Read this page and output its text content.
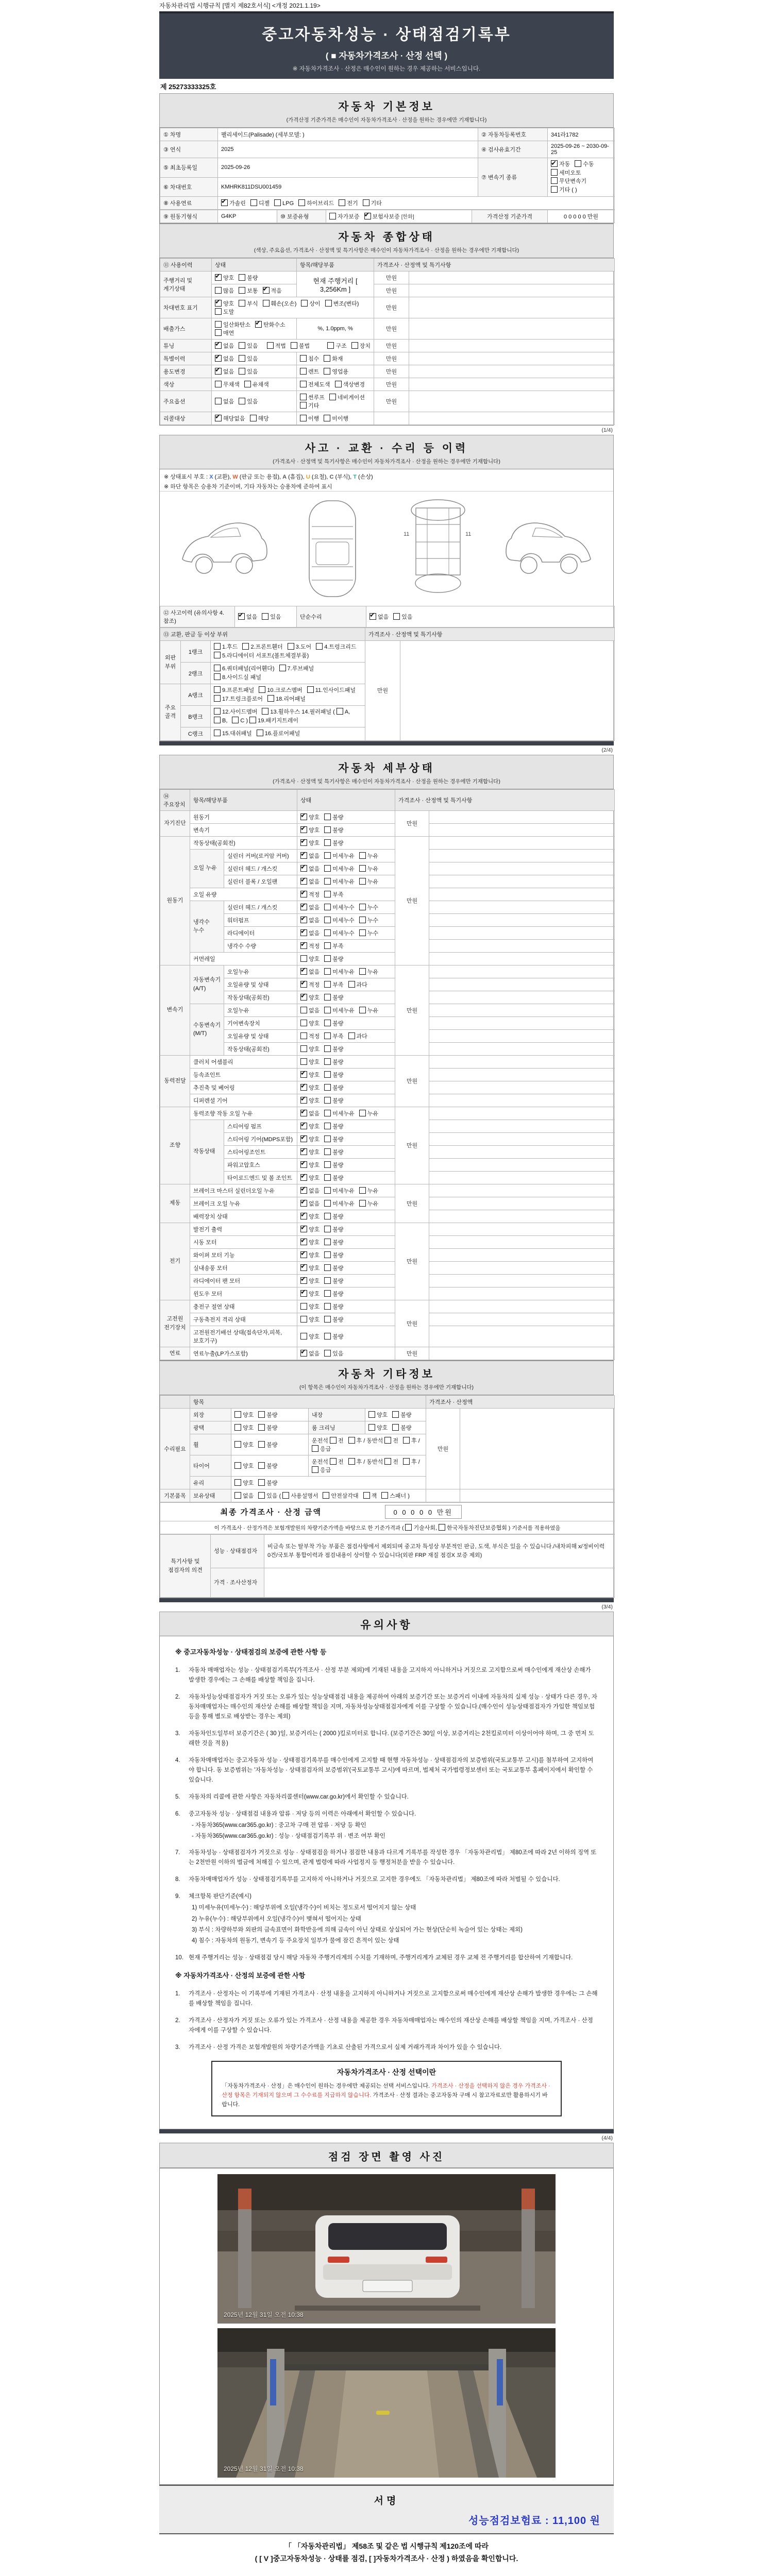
자동차관리법 시행규칙 [별지 제82호서식] <개정 2021.1.19>
중고자동차성능 · 상태점검기록부
( ■ 자동차가격조사 · 산정 선택 )
※ 자동차가격조사 · 산정은 매수인이 원하는 경우 제공하는 서비스입니다.
제 25273333325호
자동차 기본정보
(가격산정 기준가격은 매수인이 자동차가격조사 · 산정을 원하는 경우에만 기재합니다)
① 차명	팰리세이드(Palisade) (세부모델: )	② 자동차등록번호	341라1782
③ 연식	2025	④ 검사유효기간	2025-09-26 ~ 2030-09-25
⑤ 최초등록일	2025-09-26	⑦ 변속기 종류	✔자동 수동세미오토
무단변속기기타 ( )
⑥ 차대번호	KMHRK811DSU001459		
⑧ 사용연료	✔가솔린 디젤 LPG 하이브리드 전기 기타
⑨ 원동기형식	G4KP	⑩ 보증유형	자가보증 ✔ 보험사보증 [한화]	가격산정 기준가격	0 0 0 0 0 만원
자동차 종합상태
(색상, 주요옵션, 가격조사 · 산정액 및 특기사항은 매수인이 자동차가격조사 · 산정을 원하는 경우에만 기재합니다)
⑪ 사용이력	상태	항목/해당부품	가격조사 · 산정액 및 특기사항	
주행거리 및 계기상태	✔양호 불량	현재 주행거리 [ 3,256Km ]	만원	
	많음 보통 ✔ 적음		만원	
차대번호 표기	✔양호 부식 훼손(오손) 상이 변조(변타)도말		만원	
배출가스	일산화탄소 ✔ 탄화수소매연	%, 1.0ppm, %	만원	
튜닝	✔없음 있음 적법 불법 구조 장치		만원	
특별이력	✔없음 있음	침수 화재	만원	
용도변경	✔없음 있음	렌트 영업용	만원	
색상	무채색 유채색	전체도색 색상변경	만원	
주요옵션	없음 있음	썬루프 네비게이션기타	만원	
리콜대상	✔해당없음 해당	이행 미이행		
(1/4)
사고 · 교환 · 수리 등 이력
(가격조사 · 산정액 및 특기사항은 매수인이 자동차가격조사 · 산정을 원하는 경우에만 기재합니다)
※ 상태표시 부호 : X (교환), W (판금 또는 용접), A (흠집), U (요철), C (부식), T (손상)
※ 하단 항목은 승용차 기준이며, 기타 자동차는 승용차에 준하여 표시
11	11
⑫ 사고이력 (유의사항 4.참조)	✔없음 있음	단순수리	✔없음 있음
⑬ 교환, 판금 등 이상 부위			가격조사 · 산정액 및 특기사항	
외판 부위	1랭크	1.후드 2.프론트휀더 3.도어 4.트렁크리드5.라디에이터 서포트(볼트체결부품)	만원	
	2랭크	6.쿼터패널(리어휀다) 7.루브패널8.사이드실 패널		
주요 골격	A랭크	9.프론트패널 10.크로스멤버 11.인사이드패널17.트렁크플로어 18.리어패널		
	B랭크	12.사이드멤버 13.휠하우스 14.필러패널 ( A,B, C ) 19.패키지트레이		
	C랭크	15.대쉬패널 16.플로어패널		
(2/4)
자동차 세부상태
(가격조사 · 산정액 및 특기사항은 매수인이 자동차가격조사 · 산정을 원하는 경우에만 기재합니다)
⑭ 주요장치	항목/해당부품		상태	가격조사 · 산정액 및 특기사항	
자기진단	원동기	✔양호 불량	만원	
	변속기	✔양호 불량	
원동기	작동상태(공회전)	✔양호 불량	만원	
	오일 누유	실린더 커버(로커암 커버)	✔없음 미세누유 누유	
		실린더 헤드 / 개스킷	✔없음 미세누유 누유	
		실린더 블록 / 오일팬	✔없음 미세누유 누유	
	오일 유량	✔적정 부족	
	냉각수 누수	실린더 헤드 / 개스킷	✔없음 미세누수 누수	
		워터펌프	✔없음 미세누수 누수	
		라디에이터	✔없음 미세누수 누수	
		냉각수 수량	✔적정 부족	
	커먼레일		양호 불량		
변속기	자동변속기 (A/T)	오일누유	✔없음 미세누유 누유	만원	
		오일유량 및 상태	✔적정 부족 과다	
		작동상태(공회전)	✔양호 불량	
	수동변속기 (M/T)	오일누유	없음 미세누유 누유		
		기어변속장치	양호 불량		
		오일유량 및 상태	적정 부족 과다		
		작동상태(공회전)	양호 불량		
동력전달	클러치 어셈블리		양호 불량	만원	
	등속죠인트	✔양호 불량	
	추진축 및 베어링	✔양호 불량	
	디퍼렌셜 기어	✔양호 불량	
조향	동력조향 작동 오일 누유	✔없음 미세누유 누유	만원	
	작동상태	스티어링 펌프	✔양호 불량	
		스티어링 기어(MDPS포함)	✔양호 불량	
		스티어링조인트	✔양호 불량	
		파워고압호스	✔양호 불량	
		타이로드엔드 및 볼 조인트	✔양호 불량	
제동	브레이크 마스터 실린더오일 누유	✔없음 미세누유 누유	만원	
	브레이크 오일 누유	✔없음 미세누유 누유	
	배력장치 상태	✔양호 불량	
전기	발전기 출력	✔양호 불량	만원	
	시동 모터	✔양호 불량	
	와이퍼 모터 기능	✔양호 불량	
	실내송풍 모터	✔양호 불량	
	라디에이터 팬 모터	✔양호 불량	
	윈도우 모터	✔양호 불량	
고전원 전기장치	충전구 절연 상태		양호 불량	만원	
	구동축전지 격리 상태		양호 불량		
	고전원전기배선 상태(접속단자,피복,보호기구)		양호 불량		
연료	연료누출(LP가스포함)	✔없음 있음	만원	
자동차 기타정보
(이 항목은 매수인이 자동차가격조사 · 산정을 원하는 경우에만 기재합니다)
	항목				가격조사 · 산정액	
수리필요	외장	양호 불량	내장	양호 불량	만원	
	광택	양호 불량	룸 크리닝	양호 불량		
	휠	양호 불량	운전석 전 후 / 동반석 전 후 / 응급			
	타이어	양호 불량	운전석 전 후 / 동반석 전 후 / 응급			
	유리	양호 불량				
기본품목	보유상태	없음 있음 ( 사용설명서 안전삼각대 잭 스패너 )				
최종 가격조사 · 산정 금액	0 0 0 0 0 만원
이 가격조사 · 산정가격은 보험개발원의 차량기준가액을 바탕으로 한 기준가격과 ( 기술사회, 한국자동차진단보증협회 ) 기준서를 적용하였음
특기사항 및 점검자의 의견	성능 · 상태점검자	비금속 또는 탈부착 가능 부품은 점검사항에서 제외되며 중고차 특성상 부분적인 판금, 도색, 부식은 있을 수 있습니다./내차피해 x/정비이력 0건/국토부 통합이력과 점검내용이 상이할 수 있습니다(외판 FRP 재질 점검X 보증 제외)
	가격 · 조사산정자	
(3/4)
유의사항
※ 중고자동차성능 · 상태점검의 보증에 관한 사항 등
1.	자동차 매매업자는 성능 · 상태점검기록부(가격조사 · 산정 부분 제외)에 기재된 내용을 고지하지 아니하거나 거짓으로 고지함으로써 매수인에게 재산상 손해가 발생한 경우에는 그 손해를 배상할 책임을 집니다.
2.	자동차성능상태점검자가 거짓 또는 오류가 있는 성능상태점검 내용을 제공하여 아래의 보증기간 또는 보증거리 이내에 자동차의 실제 성능 · 상태가 다른 경우, 자동차매매업자는 매수인의 재산상 손해를 배상할 책임을 지며, 자동차성능상태점검자에게 이를 구상할 수 있습니다.(매수인이 성능상태점검자가 가입한 책임보험 등을 통해 별도로 배상받는 경우는 제외)
3.	자동차인도일부터 보증기간은 ( 30 )일, 보증거리는 ( 2000 )킬로미터로 합니다. (보증기간은 30일 이상, 보증거리는 2천킬로미터 이상이어야 하며, 그 중 먼저 도래한 것을 적용)
4.	자동차매매업자는 중고자동차 성능 · 상태점검기록부를 매수인에게 고지할 때 현행 자동차성능 · 상태점검자의 보증범위(국토교통부 고시)를 첨부하여 고지하여야 합니다. 동 보증범위는 '자동차성능 · 상태점검자의 보증범위'(국토교통부 고시)에 따르며, 법제처 국가법령정보센터 또는 국토교통부 홈페이지에서 확인할 수 있습니다.
5.	자동차의 리콜에 관한 사항은 자동차리콜센터(www.car.go.kr)에서 확인할 수 있습니다.
6.	중고자동차 성능 · 상태점검 내용과 압류 · 저당 등의 이력은 아래에서 확인할 수 있습니다.
- 자동차365(www.car365.go.kr) : 중고차 구매 전 압류 · 저당 등 확인
- 자동차365(www.car365.go.kr) : 성능 · 상태점검기록부 위 · 변조 여부 확인
7.	자동차성능 · 상태점검자가 거짓으로 성능 · 상태점검을 하거나 점검한 내용과 다르게 기록부를 작성한 경우 「자동차관리법」 제80조에 따라 2년 이하의 징역 또는 2천만원 이하의 벌금에 처해질 수 있으며, 관계 법령에 따라 사업정지 등 행정처분을 받을 수 있습니다.
8.	자동차매매업자가 성능 · 상태점검기록부를 고지하지 아니하거나 거짓으로 고지한 경우에도 「자동차관리법」 제80조에 따라 처벌될 수 있습니다.
9.	체크항목 판단기준(예시)
1) 미세누유(미세누수) : 해당부위에 오일(냉각수)이 비치는 정도로서 떨어지지 않는 상태
2) 누유(누수) : 해당부위에서 오일(냉각수)이 맺혀서 떨어지는 상태
3) 부식 : 차량하부와 외판의 금속표면이 화학반응에 의해 금속이 아닌 상태로 상실되어 가는 현상(단순히 녹슬어 있는 상태는 제외)
4) 침수 : 자동차의 원동기, 변속기 등 주요장치 일부가 물에 잠긴 흔적이 있는 상태
10. 현재 주행거리는 성능 · 상태점검 당시 해당 자동차 주행거리계의 수치를 기재하며, 주행거리계가 교체된 경우 교체 전 주행거리를 합산하여 기재합니다.
※ 자동차가격조사 · 산정의 보증에 관한 사항
1.	가격조사 · 산정자는 이 기록부에 기재된 가격조사 · 산정 내용을 고지하지 아니하거나 거짓으로 고지함으로써 매수인에게 재산상 손해가 발생한 경우에는 그 손해를 배상할 책임을 집니다.
2.	가격조사 · 산정자가 거짓 또는 오류가 있는 가격조사 · 산정 내용을 제공한 경우 자동차매매업자는 매수인의 재산상 손해를 배상할 책임을 지며, 가격조사 · 산정자에게 이를 구상할 수 있습니다.
3.	가격조사 · 산정 가격은 보험개발원의 차량기준가액을 기초로 산출된 가격으로서 실제 거래가격과 차이가 있을 수 있습니다.
자동차가격조사 · 산정 선택이란
「자동차가격조사 · 산정」은 매수인이 원하는 경우에만 제공되는 선택 서비스입니다. 가격조사 · 산정을 선택하지 않은 경우 가격조사 · 산정 항목은 기재되지 않으며 그 수수료를 지급하지 않습니다. 가격조사 · 산정 결과는 중고자동차 구매 시 참고자료로만 활용하시기 바랍니다.
(4/4)
점검 장면 촬영 사진
2025년 12월 31일 오전 10:38
2025년 12월 31일 오전 10:38
서명
성능점검보험료 : 11,100 원
「 「자동차관리법」 제58조 및 같은 법 시행규칙 제120조에 따라
( [ V ]중고자동차성능 · 상태를 점검, [ ]자동차가격조사 · 산정 ) 하였음을 확인합니다.
